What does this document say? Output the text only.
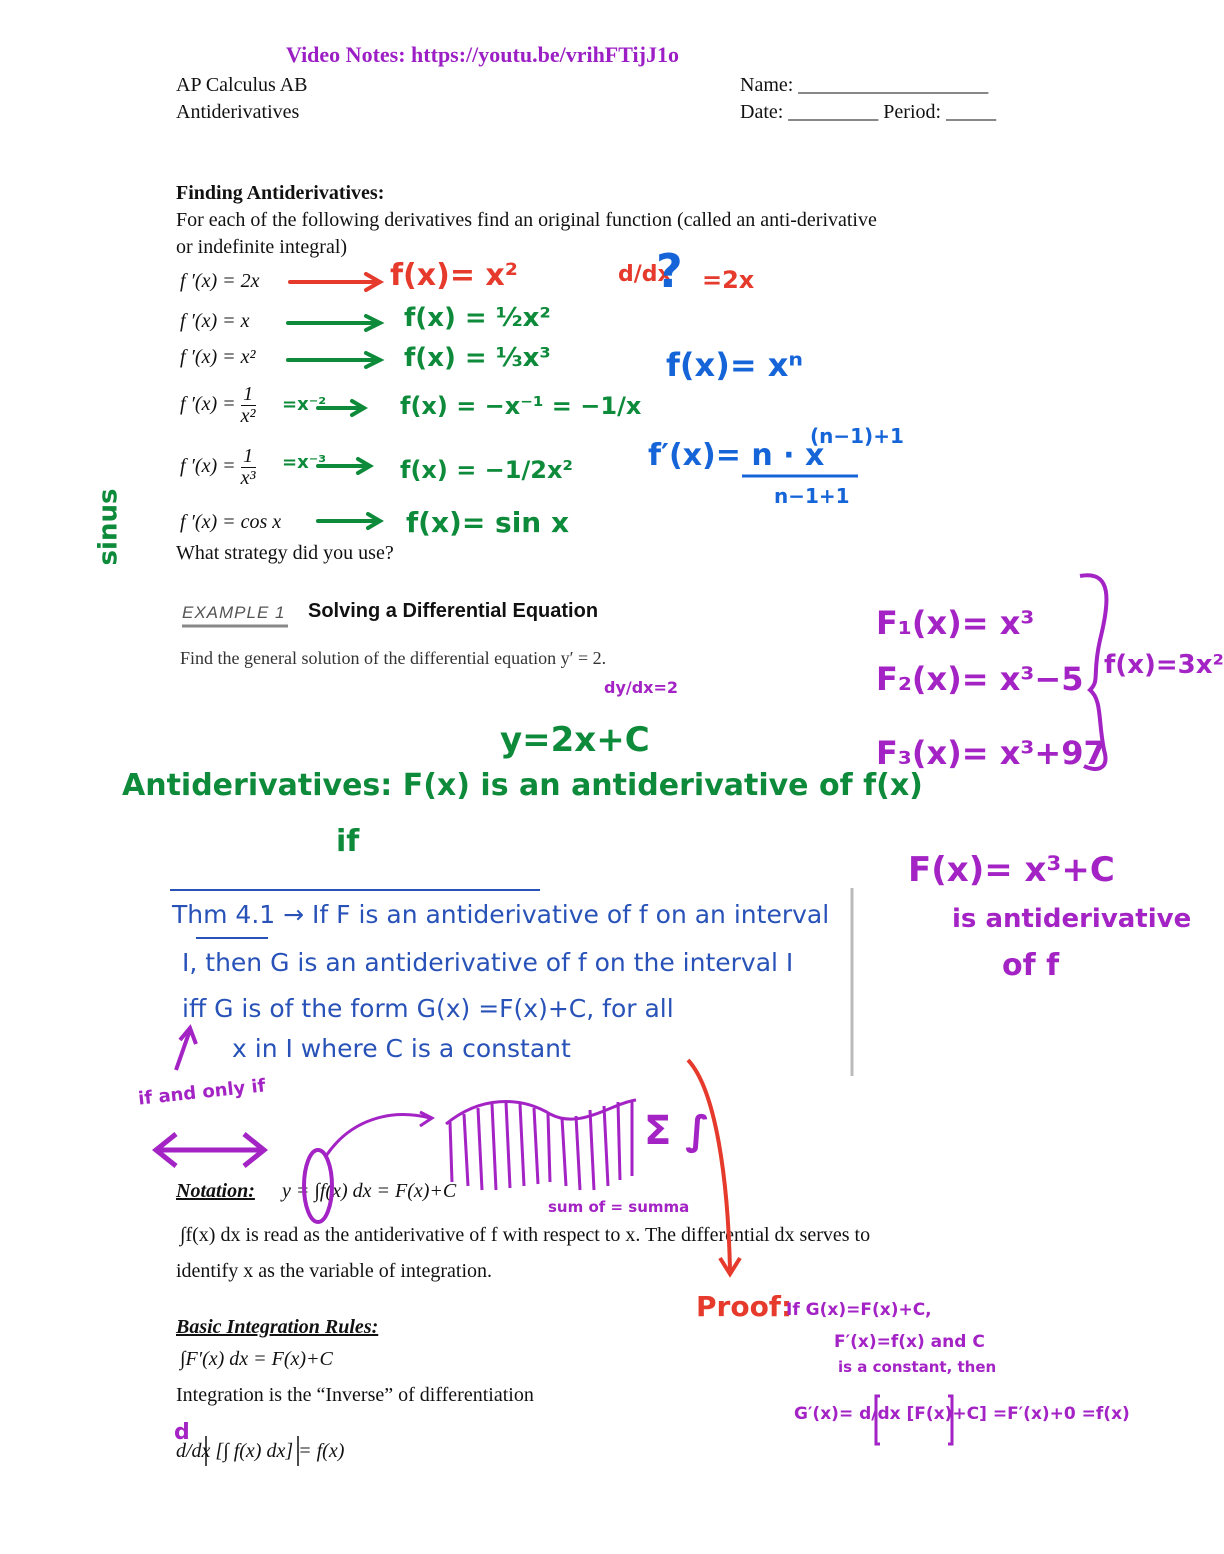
Video Notes: https://youtu.be/vrihFTijJ1o
AP Calculus AB
Antiderivatives
Name: ___________________
Date: _________ Period: _____
Finding Antiderivatives:
For each of the following derivatives find an original function (called an anti-derivative
or indefinite integral)
f ′(x) = 2x
f ′(x) = x
f ′(x) = x²
f $'(x) = \frac{1}{\text{x²}}$
f $'(x) = \frac{1}{\text{x³}}$
f ′(x) = cos x
What strategy did you use?
f(x)= x²
f(x) = ½x²
f(x) = ⅓x³
f(x) = −x⁻¹ = −1/x
f(x) = −1/2x²
f(x)= sin x
=x⁻²
=x⁻³
sinus
d/dx
? =2x
f(x)= xⁿ
f′(x)= n · x
(n−1)+1
n−1+1
EXAMPLE 1 Solving a Differential Equation
Find the general solution of the differential equation y′ = 2.
dy/dx=2
y=2x+C
F₁(x)= x³
F₂(x)= x³−5
F₃(x)= x³+97
f(x)=3x²
Antiderivatives: F(x) is an antiderivative of f(x)
if
F(x)= x³+C
is antiderivative
of f
Thm 4.1 → If F is an antiderivative of f on an interval
I, then G is an antiderivative of f on the interval I
iff G is of the form G(x) =F(x)+C, for all
x in I where C is a constant
if and only if
Σ ∫
sum of = summa
Notation: y = ∫f(x) dx = F(x)+C
∫f(x) dx is read as the antiderivative of f with respect to x. The differential dx serves to
identify x as the variable of integration.
Proof:
If G(x)=F(x)+C,
F′(x)=f(x) and C
is a constant, then
G′(x)= d/dx [F(x)+C] =F′(x)+0 =f(x)
Basic Integration Rules:
∫F′(x) dx = F(x)+C
Integration is the “Inverse” of differentiation
d/dx [∫ f(x) dx] = f(x)
d
